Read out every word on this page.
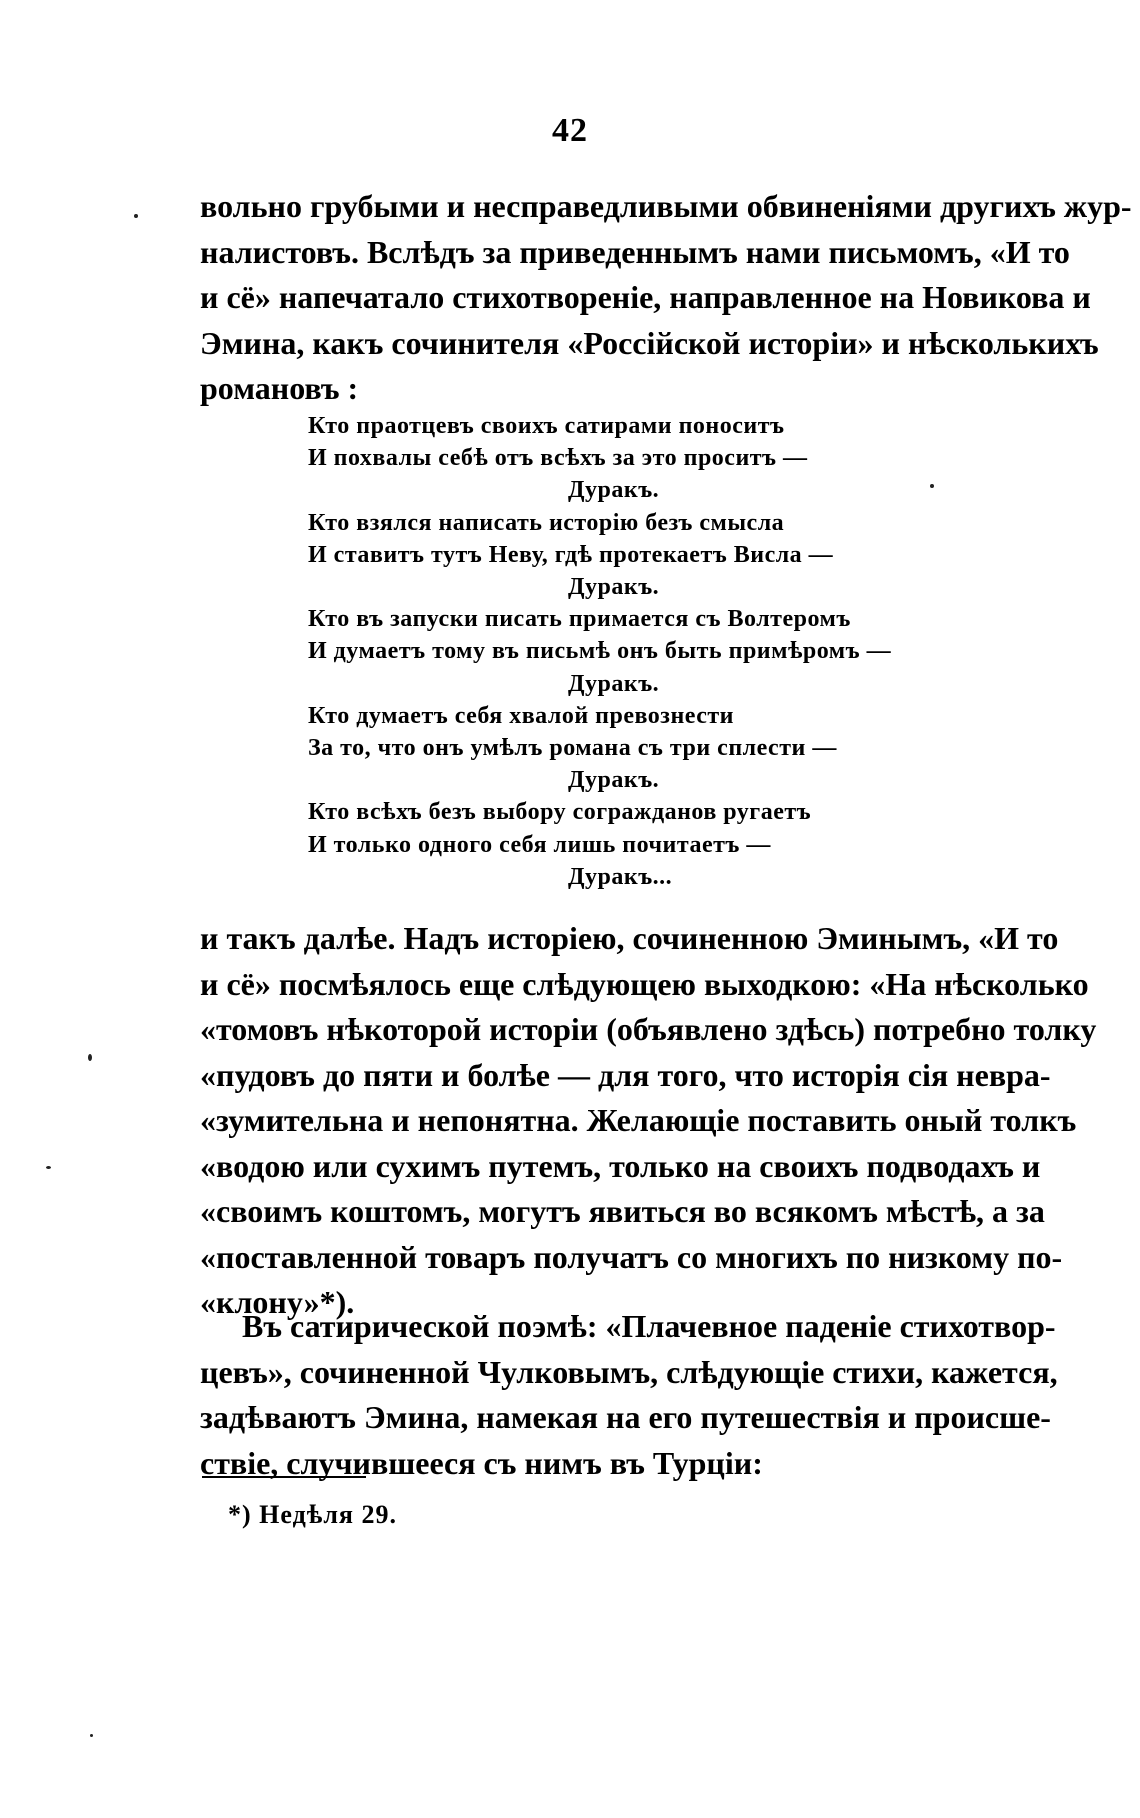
42
вольно грубыми и несправедливыми обвиненіями другихъ жур-
налистовъ. Вслѣдъ за приведеннымъ нами письмомъ, «И то
и сё» напечатало стихотвореніе, направленное на Новикова и
Эмина, какъ сочинителя «Россійской исторіи» и нѣсколькихъ
романовъ :
Кто праотцевъ своихъ сатирами поноситъ
И похвалы себѣ отъ всѣхъ за это проситъ —
Дуракъ.
Кто взялся написать исторію безъ смысла
И ставитъ тутъ Неву, гдѣ протекаетъ Висла —
Дуракъ.
Кто въ запуски писать примается съ Волтеромъ
И думаетъ тому въ письмѣ онъ быть примѣромъ —
Дуракъ.
Кто думаетъ себя хвалой превознести
За то, что онъ умѣлъ романа съ три сплести —
Дуракъ.
Кто всѣхъ безъ выбору согражданов ругаетъ
И только одного себя лишь почитаетъ —
Дуракъ...
и такъ далѣе. Надъ исторіею, сочиненною Эминымъ, «И то
и сё» посмѣялось еще слѣдующею выходкою: «На нѣсколько
«томовъ нѣкоторой исторіи (объявлено здѣсь) потребно толку
«пудовъ до пяти и болѣе — для того, что исторія сія невра-
«зумительна и непонятна. Желающіе поставить оный толкъ
«водою или сухимъ путемъ, только на своихъ подводахъ и
«своимъ коштомъ, могутъ явиться во всякомъ мѣстѣ, а за
«поставленной товаръ получатъ со многихъ по низкому по-
«клону»*).
Въ сатирической поэмѣ: «Плачевное паденіе стихотвор-
цевъ», сочиненной Чулковымъ, слѣдующіе стихи, кажется,
задѣваютъ Эмина, намекая на его путешествія и происше-
ствіе, случившееся съ нимъ въ Турціи:
*) Недѣля 29.
